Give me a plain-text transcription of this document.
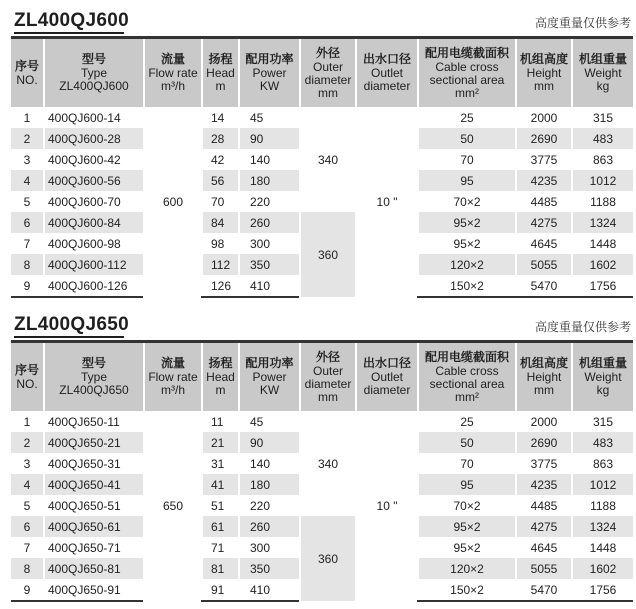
ZL400QJ600	高度重量仅供参考
序号
NO.	型号
Type
ZL400QJ600	流量
Flow rate
m³/h	扬程
Head
m	配用功率
Power
KW	外径
Outer
diameter
mm	出水口径
Outlet
diameter	配用电缆截面积
Cable cross
sectional area
mm²	机组高度
Height
mm	机组重量
Weight
kg

1	400QJ600-14	600	14	45	340	10 "	25	2000	315
2	400QJ600-28		28	90			50	2690	483
3	400QJ600-42		42	140			70	3775	863
4	400QJ600-56		56	180			95	4235	1012
5	400QJ600-70		70	220			70×2	4485	1188
6	400QJ600-84		84	260	360		95×2	4275	1324
7	400QJ600-98		98	300			95×2	4645	1448
8	400QJ600-112		112	350			120×2	5055	1602
9	400QJ600-126		126	410			150×2	5470	1756
ZL400QJ650	高度重量仅供参考
序号
NO.	型号
Type
ZL400QJ650	流量
Flow rate
m³/h	扬程
Head
m	配用功率
Power
KW	外径
Outer
diameter
mm	出水口径
Outlet
diameter	配用电缆截面积
Cable cross
sectional area
mm²	机组高度
Height
mm	机组重量
Weight
kg

1	400QJ650-11	650	11	45	340	10 "	25	2000	315
2	400QJ650-21		21	90			50	2690	483
3	400QJ650-31		31	140			70	3775	863
4	400QJ650-41		41	180			95	4235	1012
5	400QJ650-51		51	220			70×2	4485	1188
6	400QJ650-61		61	260	360		95×2	4275	1324
7	400QJ650-71		71	300			95×2	4645	1448
8	400QJ650-81		81	350			120×2	5055	1602
9	400QJ650-91		91	410			150×2	5470	1756
